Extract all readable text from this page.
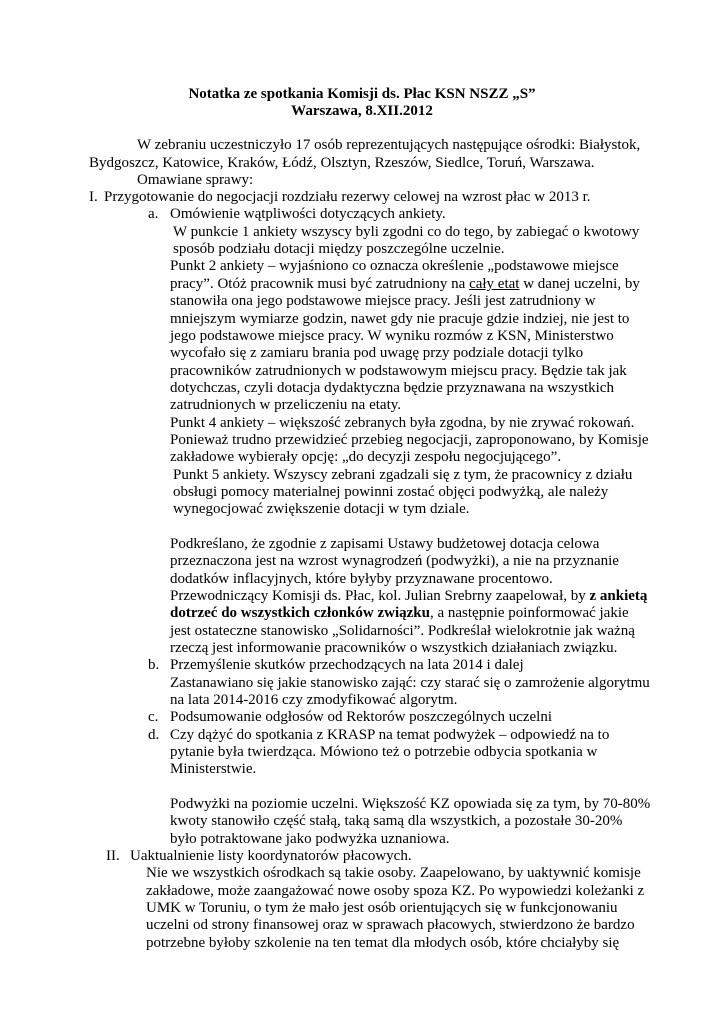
Notatka ze spotkania Komisji ds. Płac KSN NSZZ „S”
Warszawa, 8.XII.2012
W zebraniu uczestniczyło 17 osób reprezentujących następujące ośrodki: Białystok,
Bydgoszcz, Katowice, Kraków, Łódź, Olsztyn, Rzeszów, Siedlce, Toruń, Warszawa.
Omawiane sprawy:
I. Przygotowanie do negocjacji rozdziału rezerwy celowej na wzrost płac w 2013 r.
a. Omówienie wątpliwości dotyczących ankiety.
W punkcie 1 ankiety wszyscy byli zgodni co do tego, by zabiegać o kwotowy
sposób podziału dotacji między poszczególne uczelnie.
Punkt 2 ankiety – wyjaśniono co oznacza określenie „podstawowe miejsce
pracy”. Otóż pracownik musi być zatrudniony na cały etat w danej uczelni, by
stanowiła ona jego podstawowe miejsce pracy. Jeśli jest zatrudniony w
mniejszym wymiarze godzin, nawet gdy nie pracuje gdzie indziej, nie jest to
jego podstawowe miejsce pracy. W wyniku rozmów z KSN, Ministerstwo
wycofało się z zamiaru brania pod uwagę przy podziale dotacji tylko
pracowników zatrudnionych w podstawowym miejscu pracy. Będzie tak jak
dotychczas, czyli dotacja dydaktyczna będzie przyznawana na wszystkich
zatrudnionych w przeliczeniu na etaty.
Punkt 4 ankiety – większość zebranych była zgodna, by nie zrywać rokowań.
Ponieważ trudno przewidzieć przebieg negocjacji, zaproponowano, by Komisje
zakładowe wybierały opcję: „do decyzji zespołu negocjującego”.
Punkt 5 ankiety. Wszyscy zebrani zgadzali się z tym, że pracownicy z działu
obsługi pomocy materialnej powinni zostać objęci podwyżką, ale należy
wynegocjować zwiększenie dotacji w tym dziale.
Podkreślano, że zgodnie z zapisami Ustawy budżetowej dotacja celowa
przeznaczona jest na wzrost wynagrodzeń (podwyżki), a nie na przyznanie
dodatków inflacyjnych, które byłyby przyznawane procentowo.
Przewodniczący Komisji ds. Płac, kol. Julian Srebrny zaapelował, by z ankietą
dotrzeć do wszystkich członków związku, a następnie poinformować jakie
jest ostateczne stanowisko „Solidarności”. Podkreślał wielokrotnie jak ważną
rzeczą jest informowanie pracowników o wszystkich działaniach związku.
b. Przemyślenie skutków przechodzących na lata 2014 i dalej
Zastanawiano się jakie stanowisko zająć: czy starać się o zamrożenie algorytmu
na lata 2014-2016 czy zmodyfikować algorytm.
c. Podsumowanie odgłosów od Rektorów poszczególnych uczelni
d. Czy dążyć do spotkania z KRASP na temat podwyżek – odpowiedź na to
pytanie była twierdząca. Mówiono też o potrzebie odbycia spotkania w
Ministerstwie.
Podwyżki na poziomie uczelni. Większość KZ opowiada się za tym, by 70-80%
kwoty stanowiło część stałą, taką samą dla wszystkich, a pozostałe 30-20%
było potraktowane jako podwyżka uznaniowa.
II. Uaktualnienie listy koordynatorów płacowych.
Nie we wszystkich ośrodkach są takie osoby. Zaapelowano, by uaktywnić komisje
zakładowe, może zaangażować nowe osoby spoza KZ. Po wypowiedzi koleżanki z
UMK w Toruniu, o tym że mało jest osób orientujących się w funkcjonowaniu
uczelni od strony finansowej oraz w sprawach płacowych, stwierdzono że bardzo
potrzebne byłoby szkolenie na ten temat dla młodych osób, które chciałyby się
